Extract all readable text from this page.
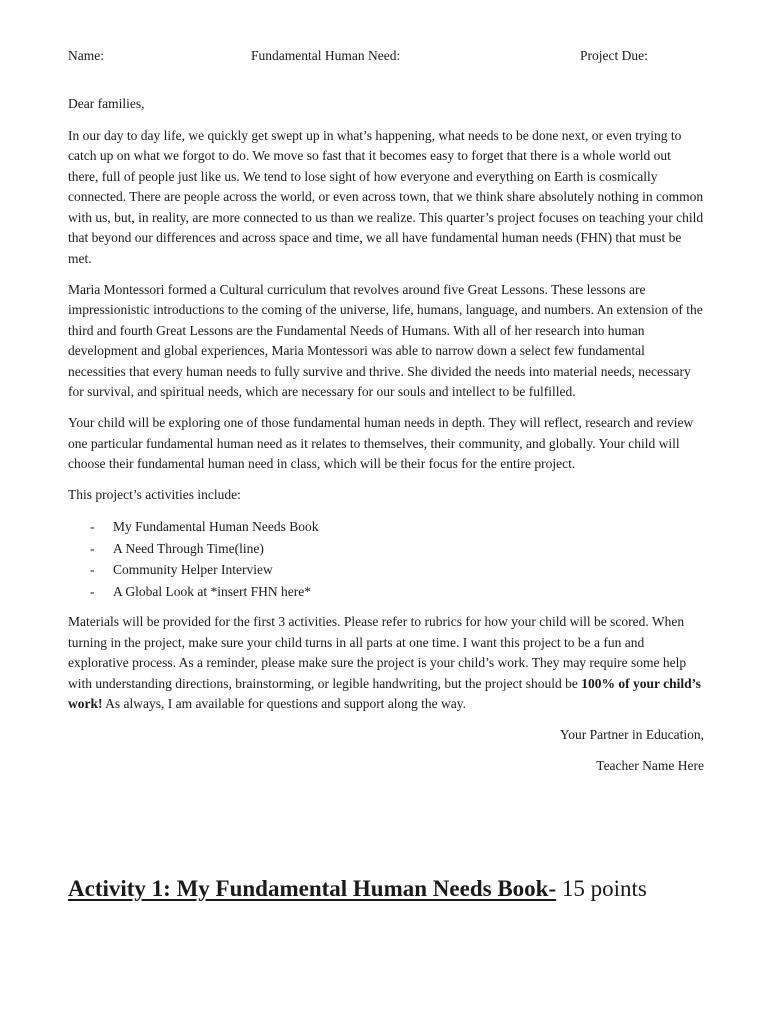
Name:	Fundamental Human Need:	Project Due:

Dear families,

In our day to day life, we quickly get swept up in what’s happening, what needs to be done next, or even trying to catch up on what we forgot to do. We move so fast that it becomes easy to forget that there is a whole world out there, full of people just like us. We tend to lose sight of how everyone and everything on Earth is cosmically connected. There are people across the world, or even across town, that we think share absolutely nothing in common with us, but, in reality, are more connected to us than we realize. This quarter’s project focuses on teaching your child that beyond our differences and across space and time, we all have fundamental human needs (FHN) that must be met.

Maria Montessori formed a Cultural curriculum that revolves around five Great Lessons. These lessons are impressionistic introductions to the coming of the universe, life, humans, language, and numbers. An extension of the third and fourth Great Lessons are the Fundamental Needs of Humans. With all of her research into human development and global experiences, Maria Montessori was able to narrow down a select few fundamental necessities that every human needs to fully survive and thrive. She divided the needs into material needs, necessary for survival, and spiritual needs, which are necessary for our souls and intellect to be fulfilled.

Your child will be exploring one of those fundamental human needs in depth. They will reflect, research and review one particular fundamental human need as it relates to themselves, their community, and globally. Your child will choose their fundamental human need in class, which will be their focus for the entire project.

This project’s activities include:

- My Fundamental Human Needs Book
- A Need Through Time(line)
- Community Helper Interview
- A Global Look at *insert FHN here*

Materials will be provided for the first 3 activities. Please refer to rubrics for how your child will be scored. When turning in the project, make sure your child turns in all parts at one time. I want this project to be a fun and explorative process. As a reminder, please make sure the project is your child’s work. They may require some help with understanding directions, brainstorming, or legible handwriting, but the project should be 100% of your child’s work! As always, I am available for questions and support along the way.

Your Partner in Education,

Teacher Name Here

Activity 1: My Fundamental Human Needs Book- 15 points
